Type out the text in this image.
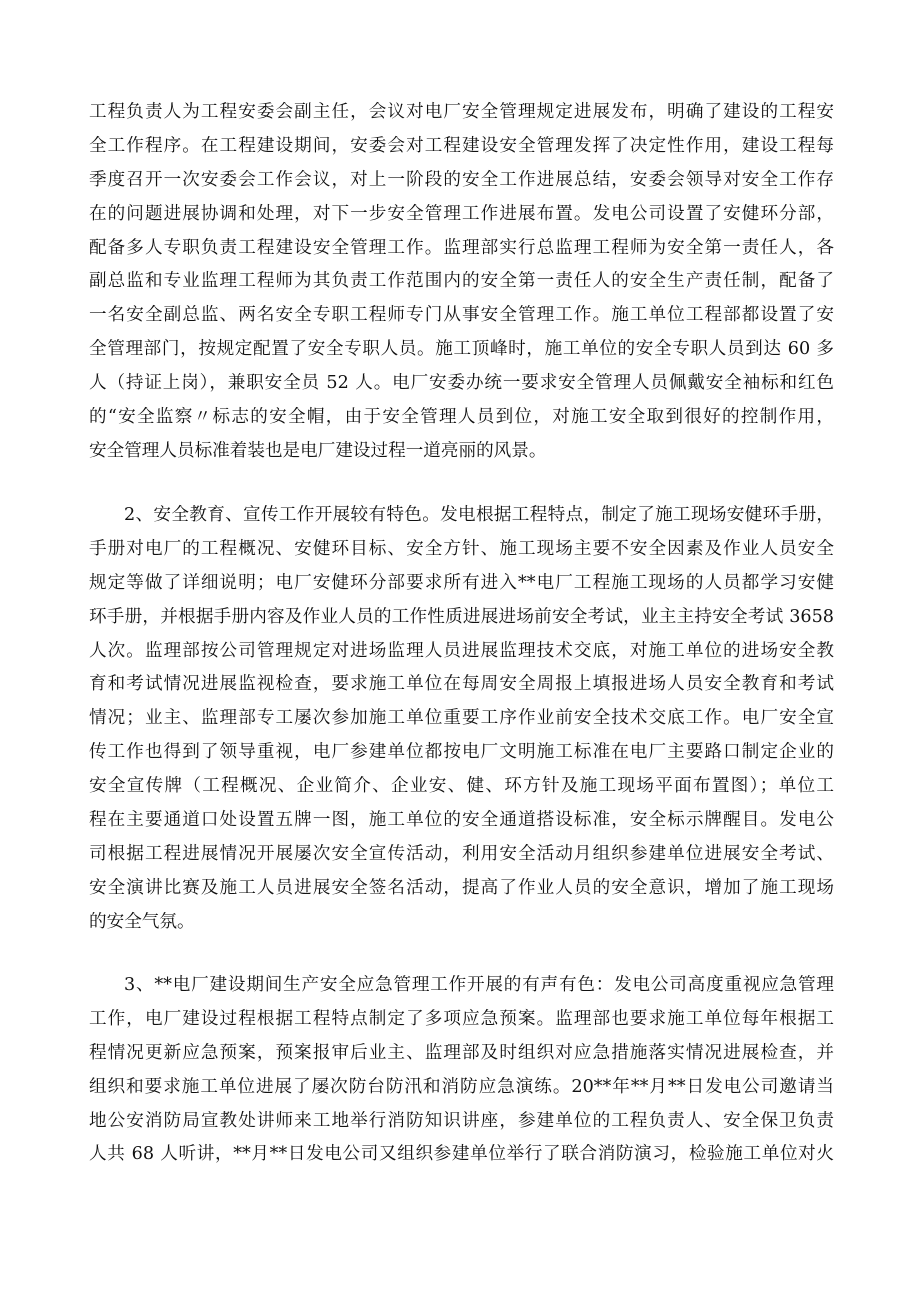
工程负责人为工程安委会副主任，会议对电厂安全管理规定进展发布，明确了建设的工程安
全工作程序。在工程建设期间，安委会对工程建设安全管理发挥了决定性作用，建设工程每
季度召开一次安委会工作会议，对上一阶段的安全工作进展总结，安委会领导对安全工作存
在的问题进展协调和处理，对下一步安全管理工作进展布置。发电公司设置了安健环分部，
配备多人专职负责工程建设安全管理工作。监理部实行总监理工程师为安全第一责任人，各
副总监和专业监理工程师为其负责工作范围内的安全第一责任人的安全生产责任制，配备了
一名安全副总监、两名安全专职工程师专门从事安全管理工作。施工单位工程部都设置了安
全管理部门，按规定配置了安全专职人员。施工顶峰时，施工单位的安全专职人员到达 60 多
人（持证上岗），兼职安全员 52 人。电厂安委办统一要求安全管理人员佩戴安全袖标和红色
的“安全监察〃标志的安全帽，由于安全管理人员到位，对施工安全取到很好的控制作用，
安全管理人员标准着装也是电厂建设过程一道亮丽的风景。
2、安全教育、宣传工作开展较有特色。发电根据工程特点，制定了施工现场安健环手册，
手册对电厂的工程概况、安健环目标、安全方针、施工现场主要不安全因素及作业人员安全
规定等做了详细说明；电厂安健环分部要求所有进入**电厂工程施工现场的人员都学习安健
环手册，并根据手册内容及作业人员的工作性质进展进场前安全考试，业主主持安全考试 3658
人次。监理部按公司管理规定对进场监理人员进展监理技术交底，对施工单位的进场安全教
育和考试情况进展监视检查，要求施工单位在每周安全周报上填报进场人员安全教育和考试
情况；业主、监理部专工屡次参加施工单位重要工序作业前安全技术交底工作。电厂安全宣
传工作也得到了领导重视，电厂参建单位都按电厂文明施工标准在电厂主要路口制定企业的
安全宣传牌（工程概况、企业简介、企业安、健、环方针及施工现场平面布置图）；单位工
程在主要通道口处设置五牌一图，施工单位的安全通道搭设标准，安全标示牌醒目。发电公
司根据工程进展情况开展屡次安全宣传活动，利用安全活动月组织参建单位进展安全考试、
安全演讲比赛及施工人员进展安全签名活动，提高了作业人员的安全意识，增加了施工现场
的安全气氛。
3、**电厂建设期间生产安全应急管理工作开展的有声有色：发电公司高度重视应急管理
工作，电厂建设过程根据工程特点制定了多项应急预案。监理部也要求施工单位每年根据工
程情况更新应急预案，预案报审后业主、监理部及时组织对应急措施落实情况进展检查，并
组织和要求施工单位进展了屡次防台防汛和消防应急演练。20**年**月**日发电公司邀请当
地公安消防局宣教处讲师来工地举行消防知识讲座，参建单位的工程负责人、安全保卫负责
人共 68 人听讲，**月**日发电公司又组织参建单位举行了联合消防演习，检验施工单位对火
